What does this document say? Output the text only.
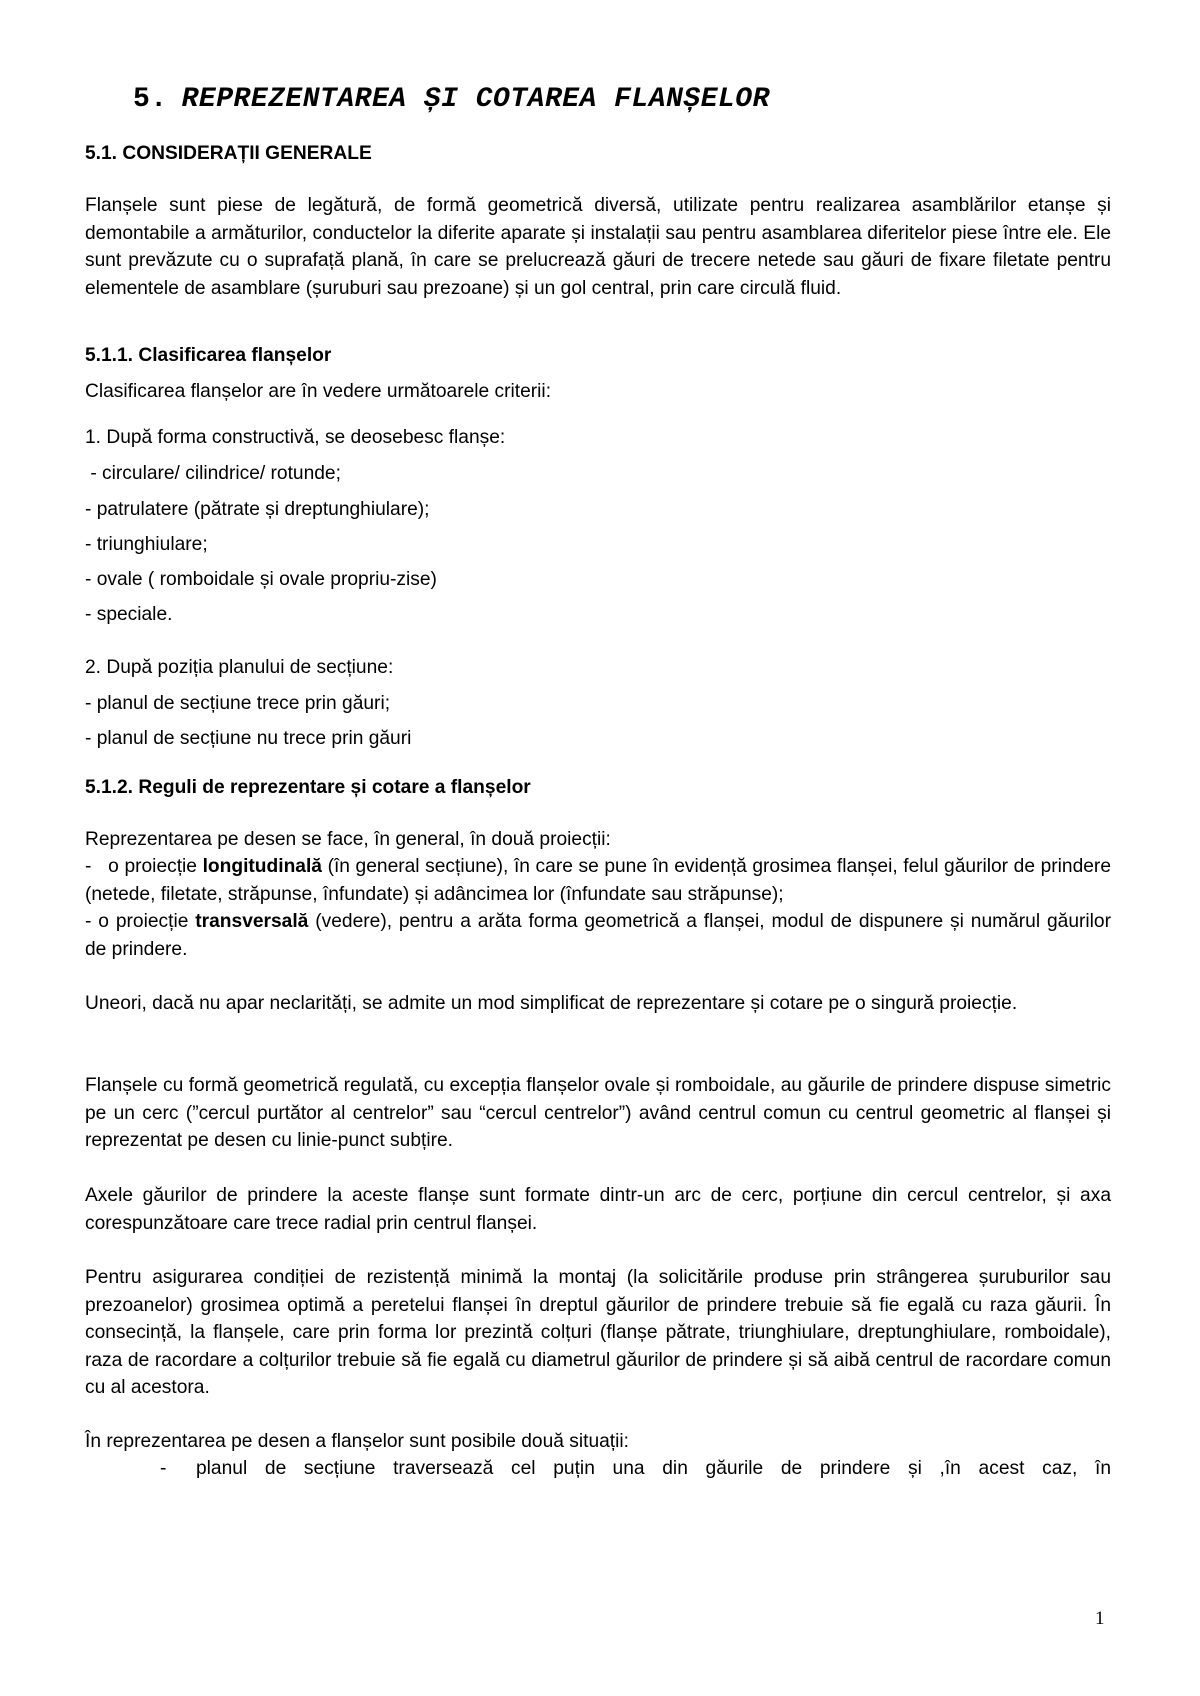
5. REPREZENTAREA ȘI COTAREA FLANȘELOR
5.1. CONSIDERAȚII GENERALE
Flanșele sunt piese de legătură, de formă geometrică diversă, utilizate pentru realizarea asamblărilor etanșe și demontabile a armăturilor, conductelor la diferite aparate și instalații sau pentru asamblarea diferitelor piese între ele. Ele sunt prevăzute cu o suprafață plană, în care se prelucrează găuri de trecere netede sau găuri de fixare filetate pentru elementele de asamblare (șuruburi sau prezoane) și un gol central, prin care circulă fluid.
5.1.1. Clasificarea flanșelor
Clasificarea flanșelor are în vedere următoarele criterii:
1. După forma constructivă, se deosebesc flanșe:
- circulare/ cilindrice/ rotunde;
- patrulatere (pătrate și dreptunghiulare);
- triunghiulare;
- ovale ( romboidale și ovale propriu-zise)
- speciale.
2. După poziția planului de secțiune:
- planul de secțiune trece prin găuri;
- planul de secțiune nu trece prin găuri
5.1.2. Reguli de reprezentare și cotare a flanșelor
Reprezentarea pe desen se face, în general, în două proiecții:
-   o proiecție longitudinală (în general secțiune), în care se pune în evidență grosimea flanșei, felul găurilor de prindere (netede, filetate, străpunse, înfundate) și adâncimea lor (înfundate sau străpunse);
- o proiecție transversală (vedere), pentru a arăta forma geometrică a flanșei, modul de dispunere și numărul găurilor de prindere.
Uneori, dacă nu apar neclarități, se admite un mod simplificat de reprezentare și cotare pe o singură proiecție.
Flanșele cu formă geometrică regulată, cu excepția flanșelor ovale și romboidale, au găurile de prindere dispuse simetric pe un cerc (”cercul purtător al centrelor” sau “cercul centrelor”) având centrul comun cu centrul geometric al flanșei și reprezentat pe desen cu linie-punct subțire.
Axele găurilor de prindere la aceste flanșe sunt formate dintr-un arc de cerc, porțiune din cercul centrelor, și axa corespunzătoare care trece radial prin centrul flanșei.
Pentru asigurarea condiției de rezistență minimă la montaj (la solicitările produse prin strângerea șuruburilor sau prezoanelor) grosimea optimă a peretelui flanșei în dreptul găurilor de prindere trebuie să fie egală cu raza găurii. În consecință, la flanșele, care prin forma lor prezintă colțuri (flanșe pătrate, triunghiulare, dreptunghiulare, romboidale), raza de racordare a colțurilor trebuie să fie egală cu diametrul găurilor de prindere și să aibă centrul de racordare comun cu al acestora.
În reprezentarea pe desen a flanșelor sunt posibile două situații:
- planul de secțiune traversează cel puțin una din găurile de prindere și ,în acest caz, în
1
